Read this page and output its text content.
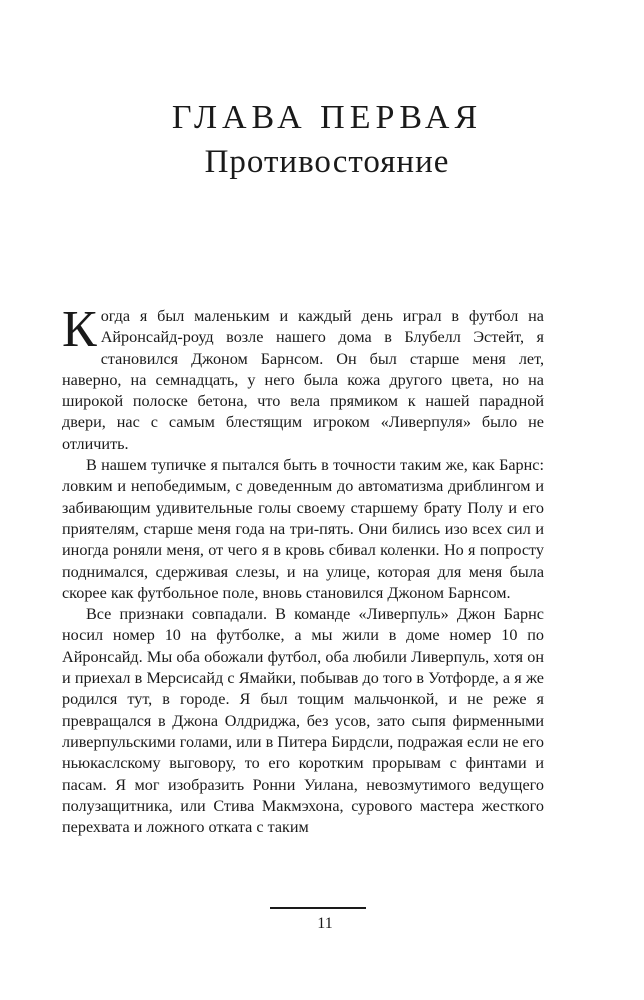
ГЛАВА ПЕРВАЯ
Противостояние

Когда я был маленьким и каждый день играл в футбол на Айронсайд-роуд возле нашего дома в Блубелл Эстейт, я становился Джоном Барнсом. Он был старше меня лет, наверно, на семнадцать, у него была кожа другого цвета, но на широкой полоске бетона, что вела прямиком к нашей парадной двери, нас с самым блестящим игроком «Ливерпуля» было не отличить.

В нашем тупичке я пытался быть в точности таким же, как Барнс: ловким и непобедимым, с доведенным до автоматизма дриблингом и забивающим удивительные голы своему старшему брату Полу и его приятелям, старше меня года на три-пять. Они бились изо всех сил и иногда роняли меня, от чего я в кровь сбивал коленки. Но я попросту поднимался, сдерживая слезы, и на улице, которая для меня была скорее как футбольное поле, вновь становился Джоном Барнсом.

Все признаки совпадали. В команде «Ливерпуль» Джон Барнс носил номер 10 на футболке, а мы жили в доме номер 10 по Айронсайд. Мы оба обожали футбол, оба любили Ливерпуль, хотя он и приехал в Мерсисайд с Ямайки, побывав до того в Уотфорде, а я же родился тут, в городе. Я был тощим мальчонкой, и не реже я превращался в Джона Олдриджа, без усов, зато сыпя фирменными ливерпульскими голами, или в Питера Бирдсли, подражая если не его ньюкаслскому выговору, то его коротким прорывам с финтами и пасам. Я мог изобразить Ронни Уилана, невозмутимого ведущего полузащитника, или Стива Макмэхона, сурового мастера жесткого перехвата и ложного отката с таким

11
